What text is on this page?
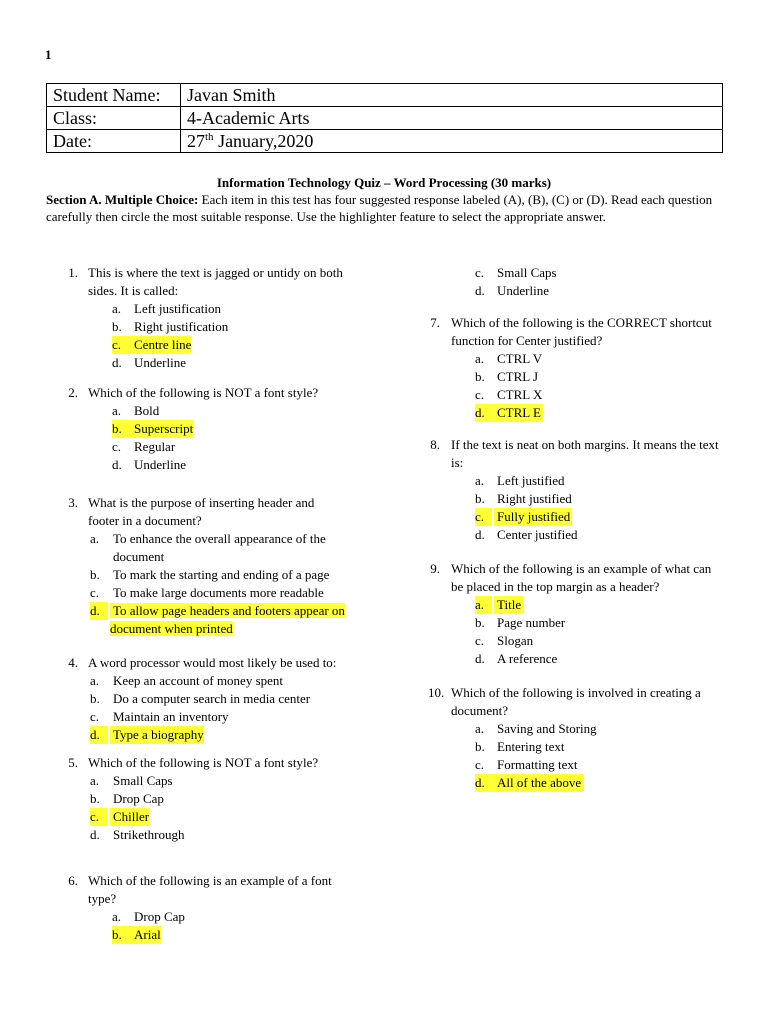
1
Student Name:	Javan Smith
Class:	4-Academic Arts
Date:	27th January,2020
Information Technology Quiz – Word Processing (30 marks)
Section A. Multiple Choice: Each item in this test has four suggested response labeled (A), (B), (C) or (D). Read each question carefully then circle the most suitable response. Use the highlighter feature to select the appropriate answer.
1. This is where the text is jagged or untidy on both sides. It is called:
a. Left justification
b. Right justification
c. Centre line
d. Underline
2. Which of the following is NOT a font style?
a. Bold
b. Superscript
c. Regular
d. Underline
3. What is the purpose of inserting header and footer in a document?
a. To enhance the overall appearance of the document
b. To mark the starting and ending of a page
c. To make large documents more readable
d.	To allow page headers and footers appear on document when printed
4. A word processor would most likely be used to:
a. Keep an account of money spent
b. Do a computer search in media center
c. Maintain an inventory
d.	Type a biography
5. Which of the following is NOT a font style?
a. Small Caps
b. Drop Cap
c.	Chiller
d. Strikethrough
6. Which of the following is an example of a font type?
a. Drop Cap
b. Arial
c. Small Caps
d. Underline
7. Which of the following is the CORRECT shortcut function for Center justified?
a. CTRL V
b. CTRL J
c. CTRL X
d. CTRL E
8. If the text is neat on both margins. It means the text is:
a. Left justified
b. Right justified
c. Fully justified
d. Center justified
9. Which of the following is an example of what can be placed in the top margin as a header?
a. Title
b. Page number
c. Slogan
d. A reference
10. Which of the following is involved in creating a document?
a. Saving and Storing
b. Entering text
c. Formatting text
d. All of the above
